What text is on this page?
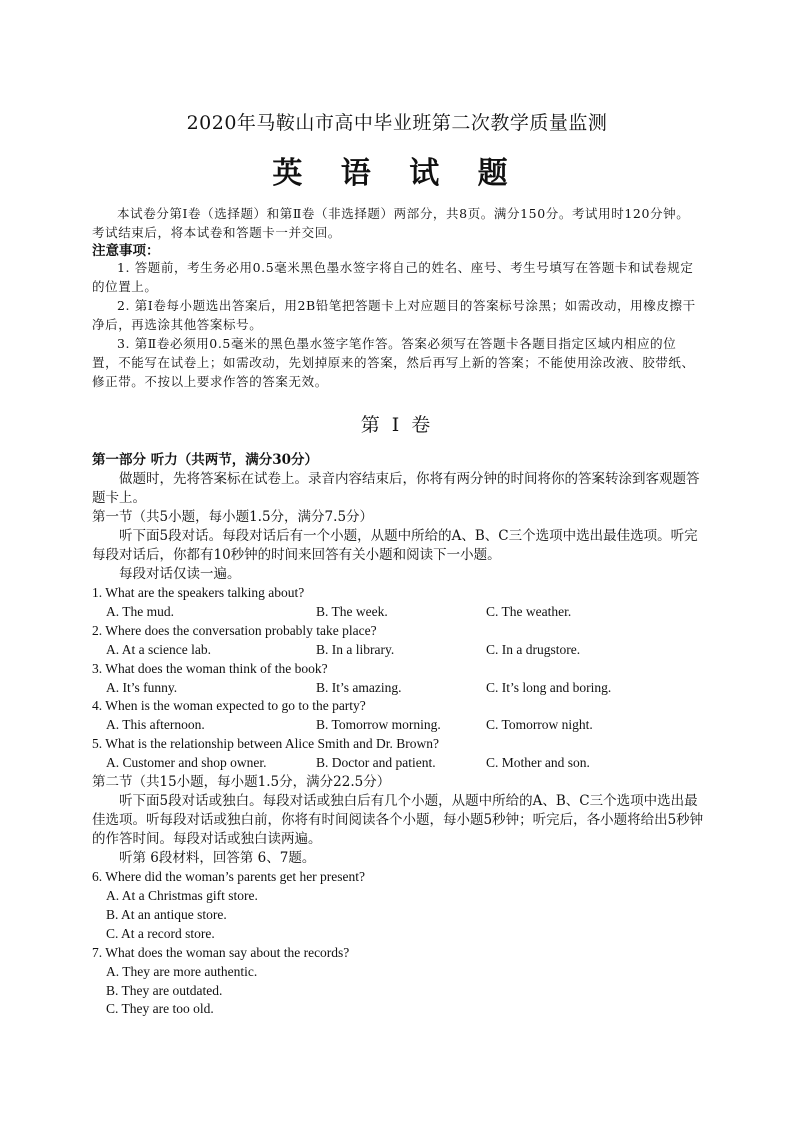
2020年马鞍山市高中毕业班第二次教学质量监测
英 语 试 题

本试卷分第Ⅰ卷（选择题）和第Ⅱ卷（非选择题）两部分，共8页。满分150分。考试用时120分钟。考试结束后，将本试卷和答题卡一并交回。

注意事项：

1. 答题前，考生务必用0.5毫米黑色墨水签字将自己的姓名、座号、考生号填写在答题卡和试卷规定的位置上。

2. 第Ⅰ卷每小题选出答案后，用2B铅笔把答题卡上对应题目的答案标号涂黑；如需改动，用橡皮擦干净后，再选涂其他答案标号。

3. 第Ⅱ卷必须用0.5毫米的黑色墨水签字笔作答。答案必须写在答题卡各题目指定区域内相应的位置，不能写在试卷上；如需改动，先划掉原来的答案，然后再写上新的答案；不能使用涂改液、胶带纸、修正带。不按以上要求作答的答案无效。

第 I 卷

第一部分 听力（共两节，满分30分）

做题时，先将答案标在试卷上。录音内容结束后，你将有两分钟的时间将你的答案转涂到客观题答题卡上。

第一节（共5小题，每小题1.5分，满分7.5分）

听下面5段对话。每段对话后有一个小题，从题中所给的A、B、C三个选项中选出最佳选项。听完每段对话后，你都有10秒钟的时间来回答有关小题和阅读下一小题。

每段对话仅读一遍。

1. What are the speakers talking about?
A. The mud.	B. The week.	C. The weather.
2. Where does the conversation probably take place?
A. At a science lab.	B. In a library.	C. In a drugstore.
3. What does the woman think of the book?
A. It’s funny.	B. It’s amazing.	C. It’s long and boring.
4. When is the woman expected to go to the party?
A. This afternoon.	B. Tomorrow morning.	C. Tomorrow night.
5. What is the relationship between Alice Smith and Dr. Brown?
A. Customer and shop owner.	B. Doctor and patient.	C. Mother and son.

第二节（共15小题，每小题1.5分，满分22.5分）

听下面5段对话或独白。每段对话或独白后有几个小题，从题中所给的A、B、C三个选项中选出最佳选项。听每段对话或独白前，你将有时间阅读各个小题，每小题5秒钟；听完后，各小题将给出5秒钟的作答时间。每段对话或独白读两遍。

听第 6段材料，回答第 6、7题。

6. Where did the woman’s parents get her present?
A. At a Christmas gift store.
B. At an antique store.
C. At a record store.
7. What does the woman say about the records?
A. They are more authentic.
B. They are outdated.
C. They are too old.
